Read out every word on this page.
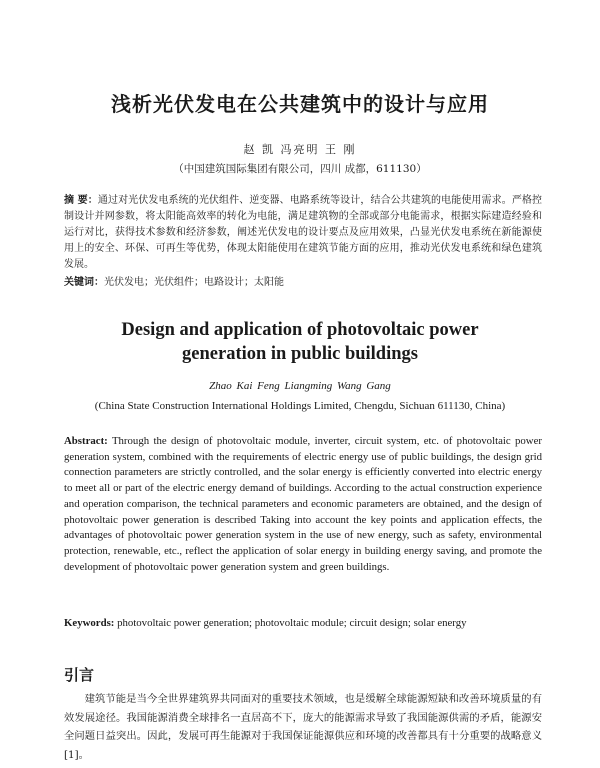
浅析光伏发电在公共建筑中的设计与应用

赵 凯 冯亮明 王 刚

（中国建筑国际集团有限公司，四川 成都，611130）

摘 要：通过对光伏发电系统的光伏组件、逆变器、电路系统等设计，结合公共建筑的电能使用需求。严格控制设计并网参数，将太阳能高效率的转化为电能，满足建筑物的全部或部分电能需求，根据实际建造经验和运行对比，获得技术参数和经济参数，阐述光伏发电的设计要点及应用效果，凸显光伏发电系统在新能源使用上的安全、环保、可再生等优势，体现太阳能使用在建筑节能方面的应用，推动光伏发电系统和绿色建筑发展。

关键词：光伏发电；光伏组件；电路设计；太阳能

Design and application of photovoltaic power
generation in public buildings

Zhao Kai Feng Liangming Wang Gang

(China State Construction International Holdings Limited, Chengdu, Sichuan 611130, China)

Abstract: Through the design of photovoltaic module, inverter, circuit system, etc. of photovoltaic power generation system, combined with the requirements of electric energy use of public buildings, the design grid connection parameters are strictly controlled, and the solar energy is efficiently converted into electric energy to meet all or part of the electric energy demand of buildings. According to the actual construction experience and operation comparison, the technical parameters and economic parameters are obtained, and the design of photovoltaic power generation is described Taking into account the key points and application effects, the advantages of photovoltaic power generation system in the use of new energy, such as safety, environmental protection, renewable, etc., reflect the application of solar energy in building energy saving, and promote the development of photovoltaic power generation system and green buildings.

Keywords: photovoltaic power generation; photovoltaic module; circuit design; solar energy

引言

建筑节能是当今全世界建筑界共同面对的重要技术领域，也是缓解全球能源短缺和改善环境质量的有效发展途径。我国能源消费全球排名一直居高不下，庞大的能源需求导致了我国能源供需的矛盾，能源安全问题日益突出。因此，发展可再生能源对于我国保证能源供应和环境的改善都具有十分重要的战略意义[1]。
